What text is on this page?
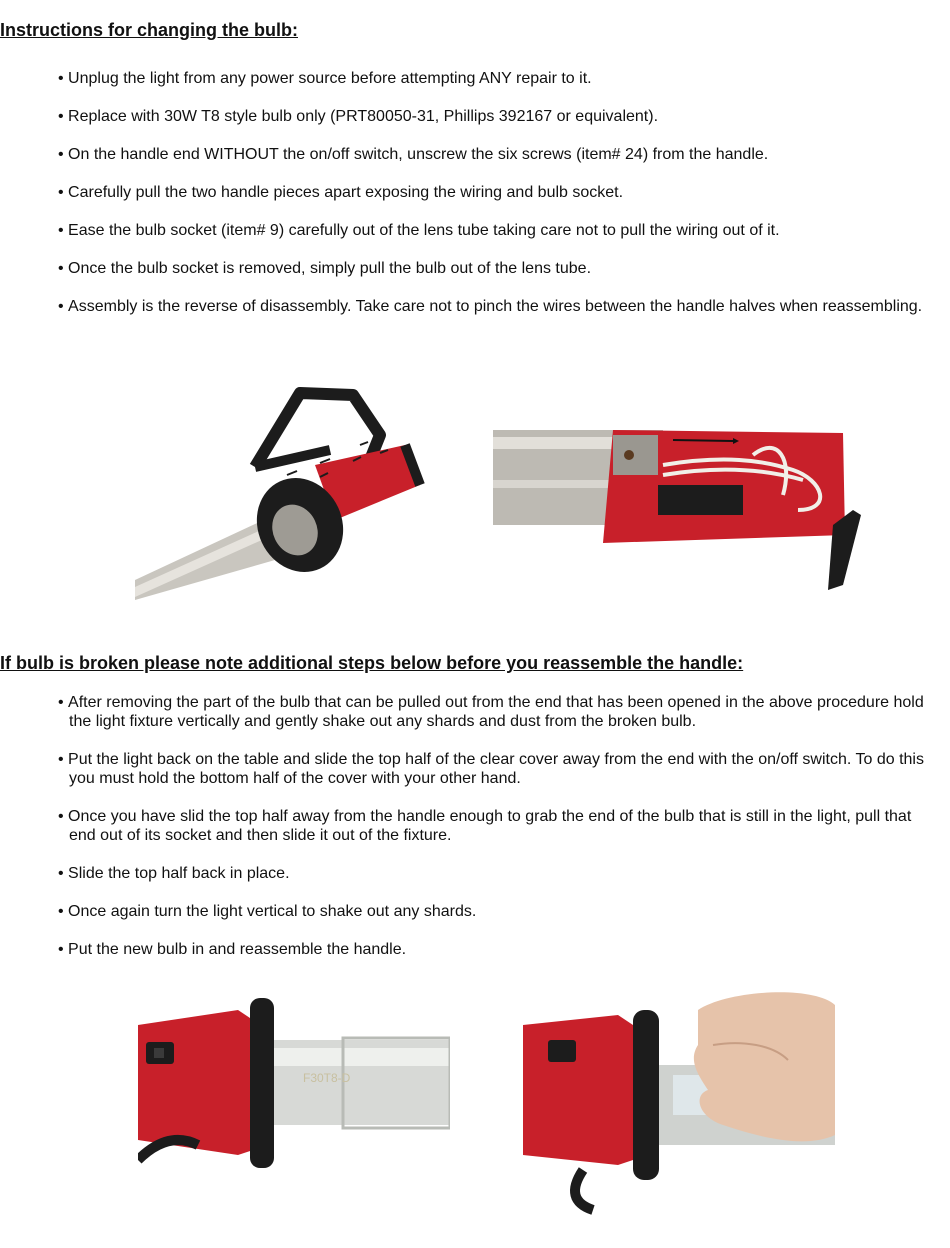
Instructions for changing the bulb:
• Unplug the light from any power source before attempting ANY repair to it.
• Replace with 30W T8 style bulb only (PRT80050-31, Phillips 392167 or equivalent).
• On the handle end WITHOUT the on/off switch, unscrew the six screws (item# 24) from the handle.
• Carefully pull the two handle pieces apart exposing the wiring and bulb socket.
• Ease the bulb socket (item# 9) carefully out of the lens tube taking care not to pull the wiring out of it.
• Once the bulb socket is removed, simply pull the bulb out of the lens tube.
• Assembly is the reverse of disassembly. Take care not to pinch the wires between the handle halves when reassembling.
If bulb is broken please note additional steps below before you reassemble the handle:
• After removing the part of the bulb that can be pulled out from the end that has been opened in the above procedure hold the light fixture vertically and gently shake out any shards and dust from the broken bulb.
• Put the light back on the table and slide the top half of the clear cover away from the end with the on/off switch. To do this you must hold the bottom half of the cover with your other hand.
• Once you have slid the top half away from the handle enough to grab the end of the bulb that is still in the light, pull that end out of its socket and then slide it out of the fixture.
• Slide the top half back in place.
• Once again turn the light vertical to shake out any shards.
• Put the new bulb in and reassemble the handle.
F30T8-D
